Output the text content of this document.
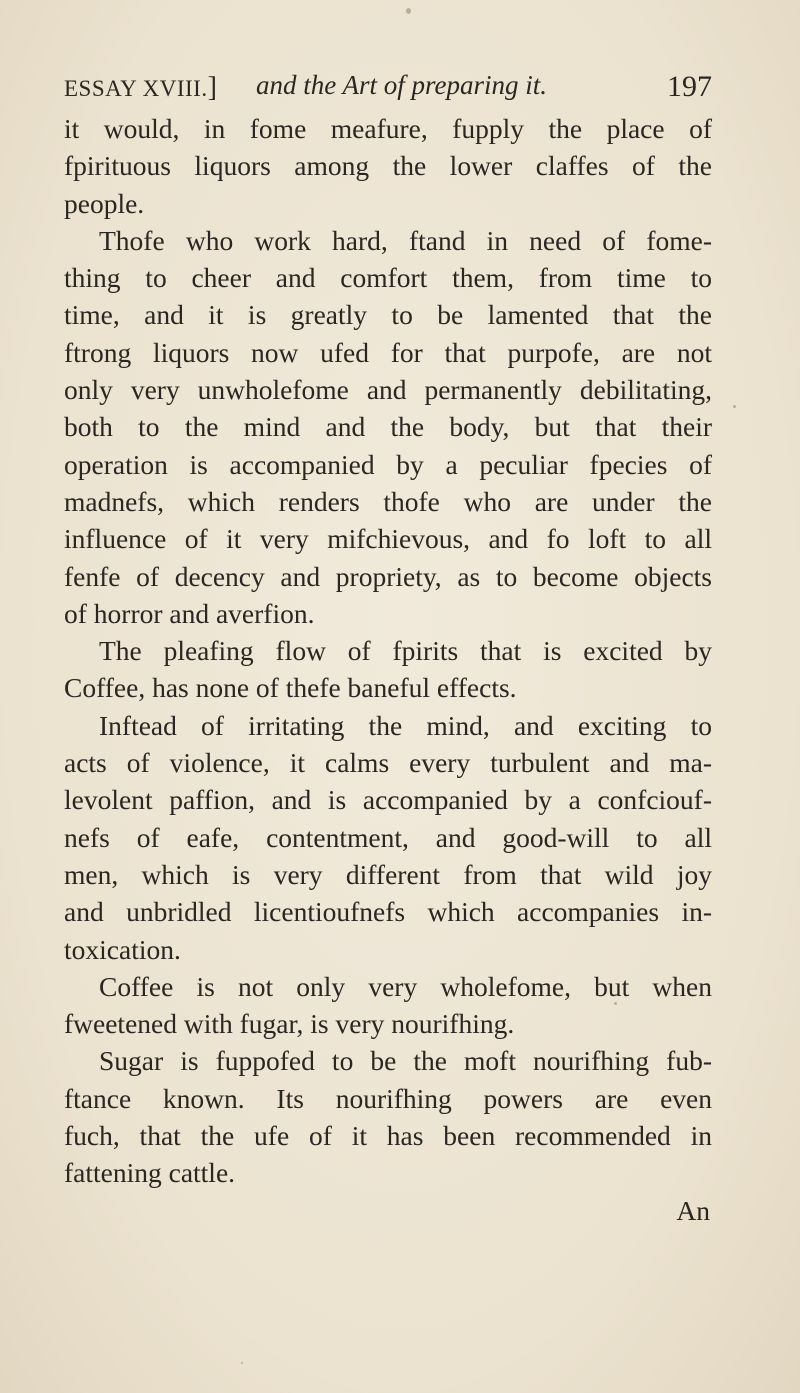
ESSAY XVIII.] and the Art of preparing it.	197
it would, in fome meafure, fupply the place of
fpirituous liquors among the lower claffes of the
people.
Thofe who work hard, ftand in need of fome-
thing to cheer and comfort them, from time to
time, and it is greatly to be lamented that the
ftrong liquors now ufed for that purpofe, are not
only very unwholefome and permanently debilitating,
both to the mind and the body, but that their
operation is accompanied by a peculiar fpecies of
madnefs, which renders thofe who are under the
influence of it very mifchievous, and fo loft to all
fenfe of decency and propriety, as to become objects
of horror and averfion.
The pleafing flow of fpirits that is excited by
Coffee, has none of thefe baneful effects.
Inftead of irritating the mind, and exciting to
acts of violence, it calms every turbulent and ma-
levolent paffion, and is accompanied by a confciouf-
nefs of eafe, contentment, and good-will to all
men, which is very different from that wild joy
and unbridled licentioufnefs which accompanies in-
toxication.
Coffee is not only very wholefome, but when
fweetened with fugar, is very nourifhing.
Sugar is fuppofed to be the moft nourifhing fub-
ftance known. Its nourifhing powers are even
fuch, that the ufe of it has been recommended in
fattening cattle.
An
